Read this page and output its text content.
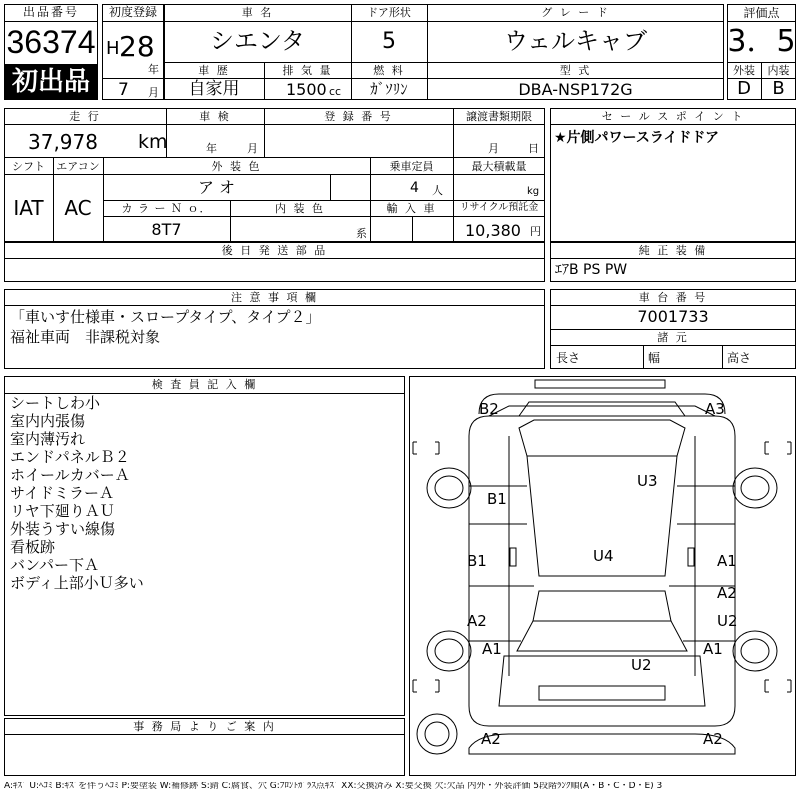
出品番号
36374
初出品
初度登録
H 28
年
7 月
車 名
シエンタ
ドア形状
5
グ レ ー ド
ウェルキャブ
車 歴
自家用
排 気 量
1500 cc
燃 料
ｶﾞｿﾘﾝ
型 式
DBA-NSP172G
評価点
3．5
外装	内装
D	B
走 行
37,978 km
車 検
年	月
登 録 番 号	譲渡書類期限
月	日
シフト
IAT
エアコン
AC
外 装 色
ア オ
乗車定員
4 人
最大積載量
kg
カ ラ ー Ｎ ｏ．
8T7
内 装 色
系
輸 入 車	リサイクル預託金
10,380 円
セ ー ル ス ポ イ ン ト
★片側パワースライドドア
後 日 発 送 部 品	純 正 装 備
ｴｱB PS PW
注 意 事 項 欄
「車いす仕様車・スロープタイプ、タイプ２」
福祉車両　非課税対象
車 台 番 号
7001733
諸 元
長さ	幅	高さ
検 査 員 記 入 欄
シートしわ小
室内内張傷
室内薄汚れ
エンドパネルＢ２
ホイールカバーＡ
サイドミラーＡ
リヤ下廻りＡＵ
外装うすい線傷
看板跡
バンパー下Ａ
ボディ上部小Ｕ多い
事 務 局 よ り ご 案 内
B2	A3
U3
B1
B1	U4	A1
A2
A2	U2
A1	A1
U2
A2	A2
A:ｷｽﾞ U:ﾍｺﾐ B:ｷｽﾞを伴うﾍｺﾐ P:要塗装 W:補修跡 S:錆 C:腐食、穴 G:ﾌﾛﾝﾄｶﾞﾗｽ点ｷｽﾞ XX:交換済み X:要交換 欠:欠品 内外・外装評価 5段階ﾗﾝｸ順(A・B・C・D・E) 3
